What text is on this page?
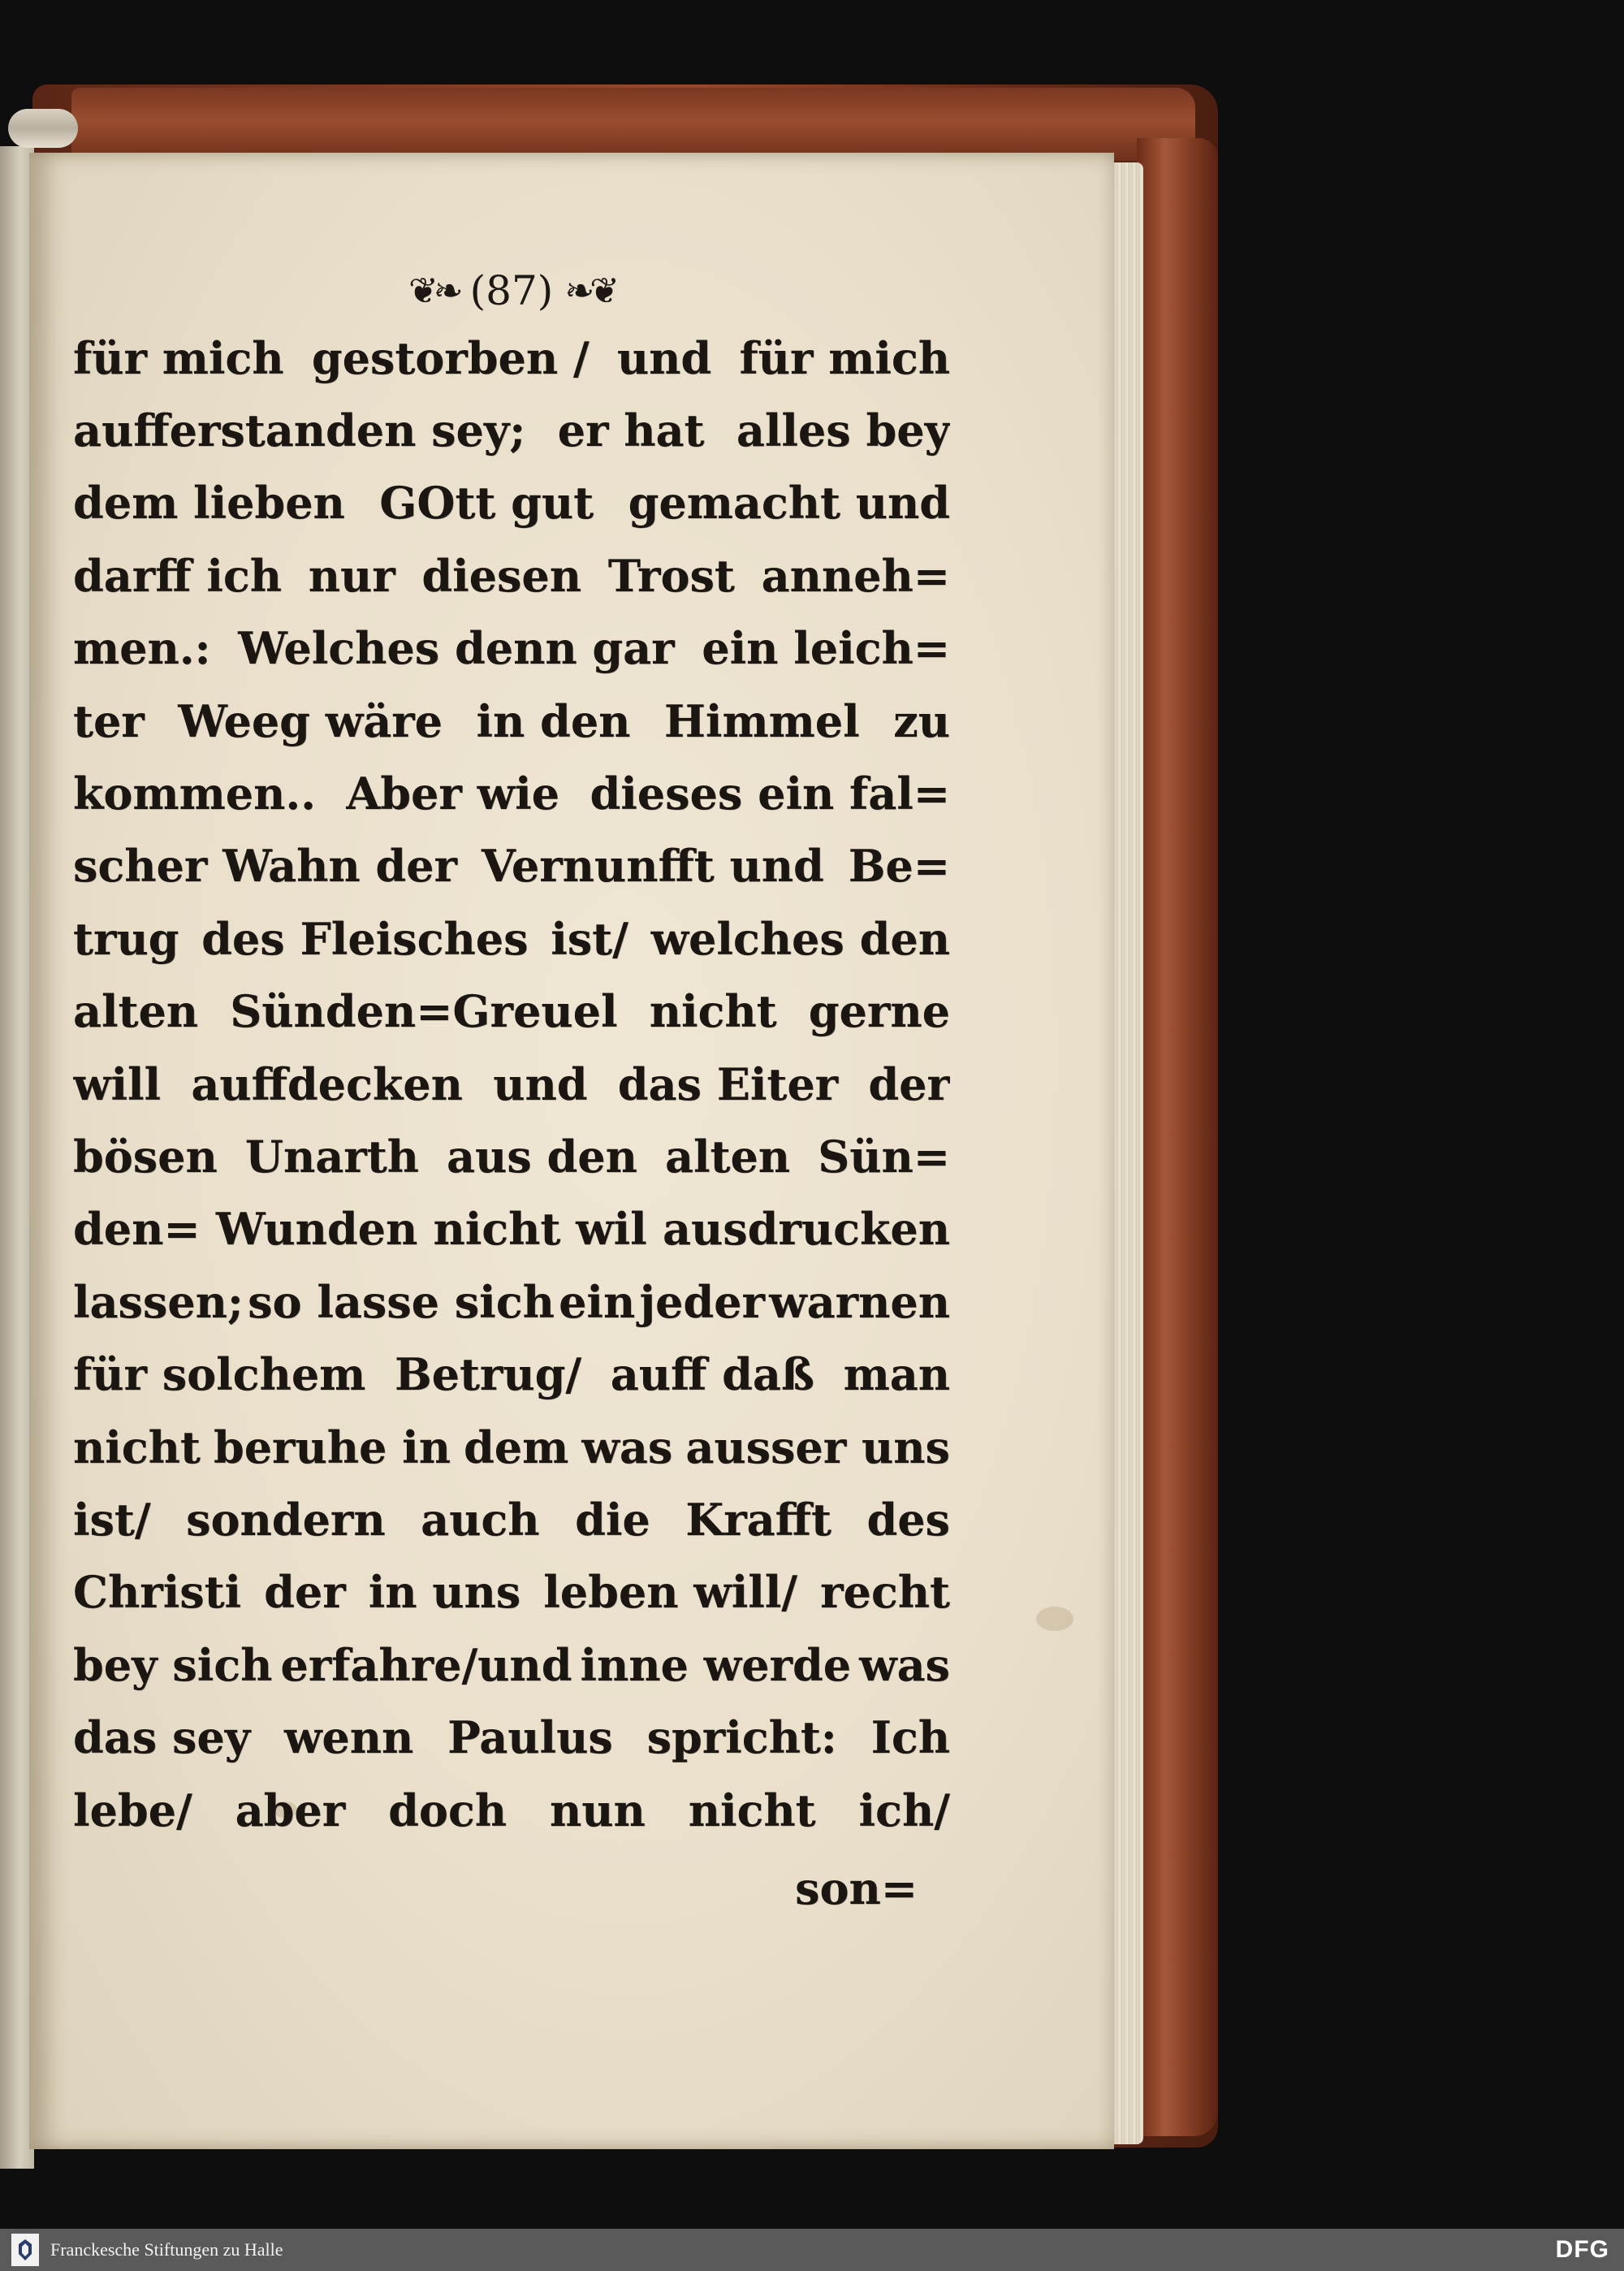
❦❧ (87) ❧❦
für mich gestorben / und für mich
aufferstanden sey; er hat alles bey
dem lieben GOtt gut gemacht und
darff ich nur diesen Trost anneh=
men.: Welches denn gar ein leich=
ter Weeg wäre in den Himmel zu
kommen.. Aber wie dieses ein fal=
scher Wahn der Vernunfft und Be=
trug des Fleisches ist/ welches den
alten Sünden=Greuel nicht gerne
will auffdecken und das Eiter der
bösen Unarth aus den alten Sün=
den= Wunden nicht wil ausdrucken
lassen; so lasse sich ein jeder warnen
für solchem Betrug/ auff daß man
nicht beruhe in dem was ausser uns
ist/ sondern auch die Krafft des
Christi der in uns leben will/ recht
bey sich erfahre/und inne werde was
das sey wenn Paulus spricht: Ich
lebe/ aber doch nun nicht ich/
son=
Franckesche Stiftungen zu Halle	DFG
